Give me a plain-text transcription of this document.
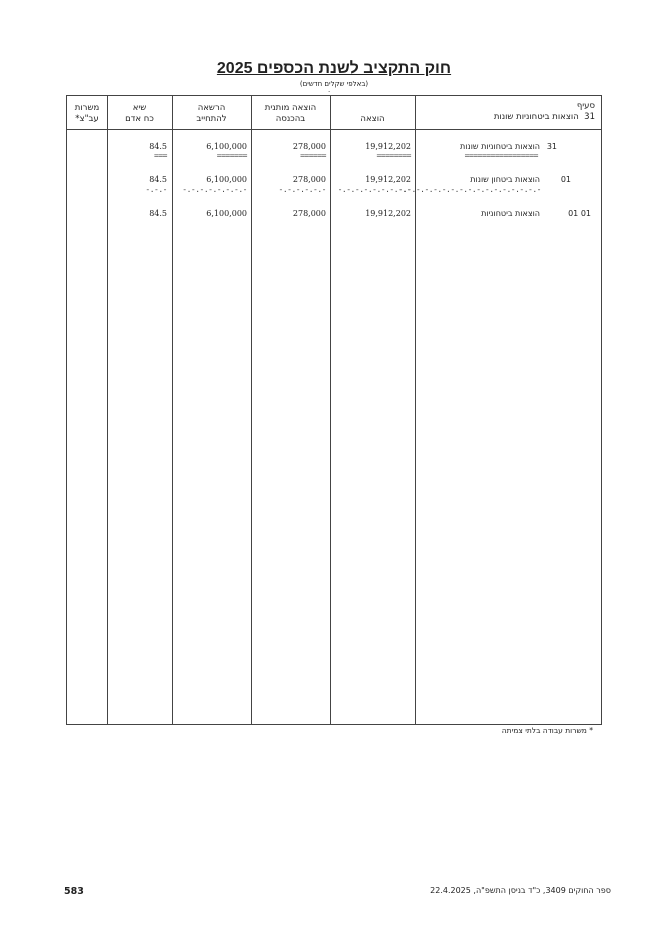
חוק התקציב לשנת הכספים 2025
(באלפי שקלים חדשים)
·
משרות
עב"צ*
שיא
כח אדם
הרשאה
להתחייב
הוצאה מותנית
בהכנסה	הוצאה
סעיף
31  הוצאות ביטחוניות שונות
31
הוצאות ביטחוניות שונות
=================
19,912,202
========
278,000
======
6,100,000
=======
84.5
===
01
הוצאות ביטחון שונות
-.-.-.-.-.-.-.-.-.-.-.-.-.-.-.-.-
19,912,202
-.-.-.-.-.-.-.-.-
278,000
-.-.-.-.-.-
6,100,000
-.-.-.-.-.-.-.-
84.5
-.-.-
01 01
הוצאות ביטחוניות
19,912,202
278,000
6,100,000
84.5
* משרות עבודה בלתי צמיתה
583	ספר החוקים 3409, כ"ד בניסן התשפ"ה, 22.4.2025
